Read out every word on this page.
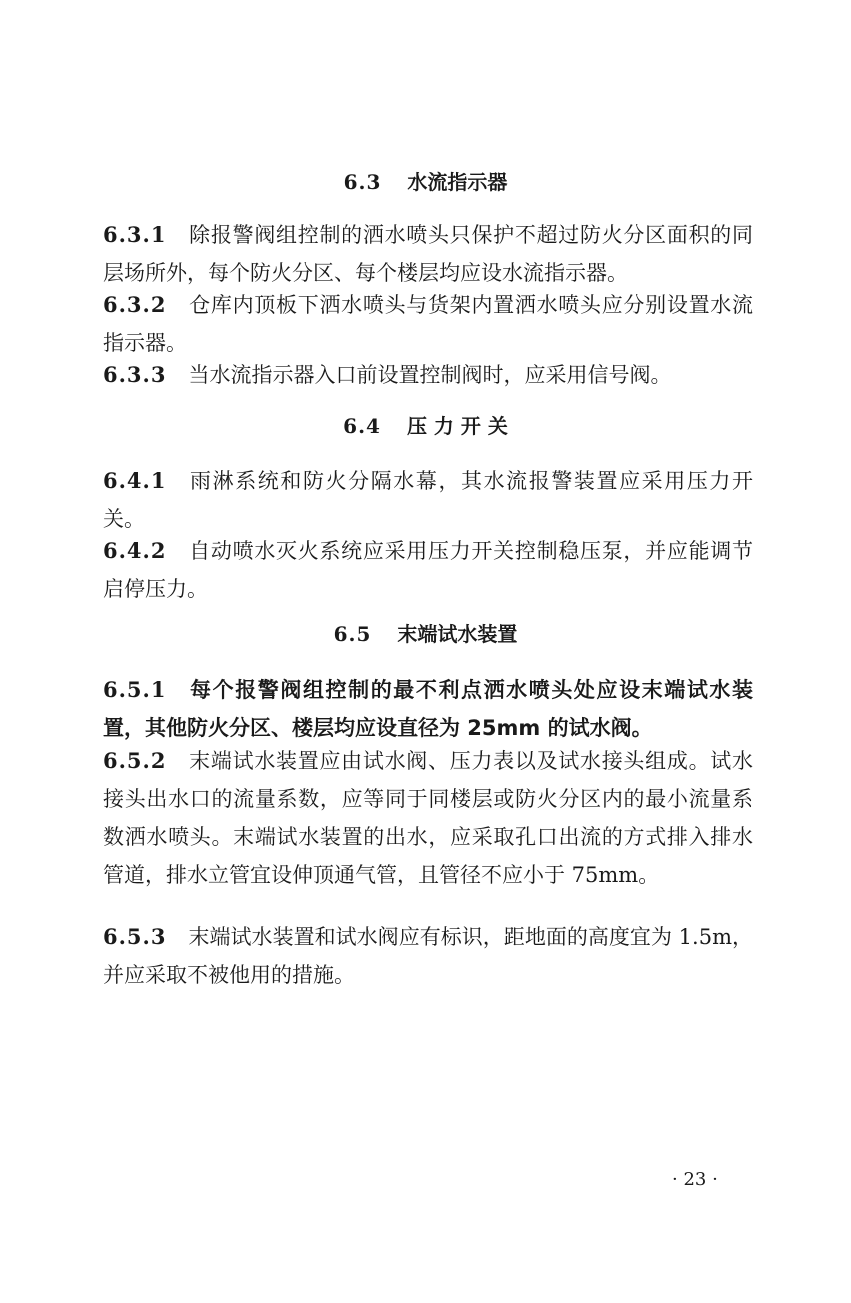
6.3 水流指示器
6.3.1 除报警阀组控制的洒水喷头只保护不超过防火分区面积的同层场所外，每个防火分区、每个楼层均应设水流指示器。
6.3.2 仓库内顶板下洒水喷头与货架内置洒水喷头应分别设置水流指示器。
6.3.3 当水流指示器入口前设置控制阀时，应采用信号阀。
6.4 压 力 开 关
6.4.1 雨淋系统和防火分隔水幕，其水流报警装置应采用压力开关。
6.4.2 自动喷水灭火系统应采用压力开关控制稳压泵，并应能调节启停压力。
6.5 末端试水装置
6.5.1 每个报警阀组控制的最不利点洒水喷头处应设末端试水装置，其他防火分区、楼层均应设直径为 25mm 的试水阀。
6.5.2 末端试水装置应由试水阀、压力表以及试水接头组成。试水接头出水口的流量系数，应等同于同楼层或防火分区内的最小流量系数洒水喷头。末端试水装置的出水，应采取孔口出流的方式排入排水管道，排水立管宜设伸顶通气管，且管径不应小于 75mm。
6.5.3 末端试水装置和试水阀应有标识，距地面的高度宜为 1.5m，并应采取不被他用的措施。
· 23 ·
